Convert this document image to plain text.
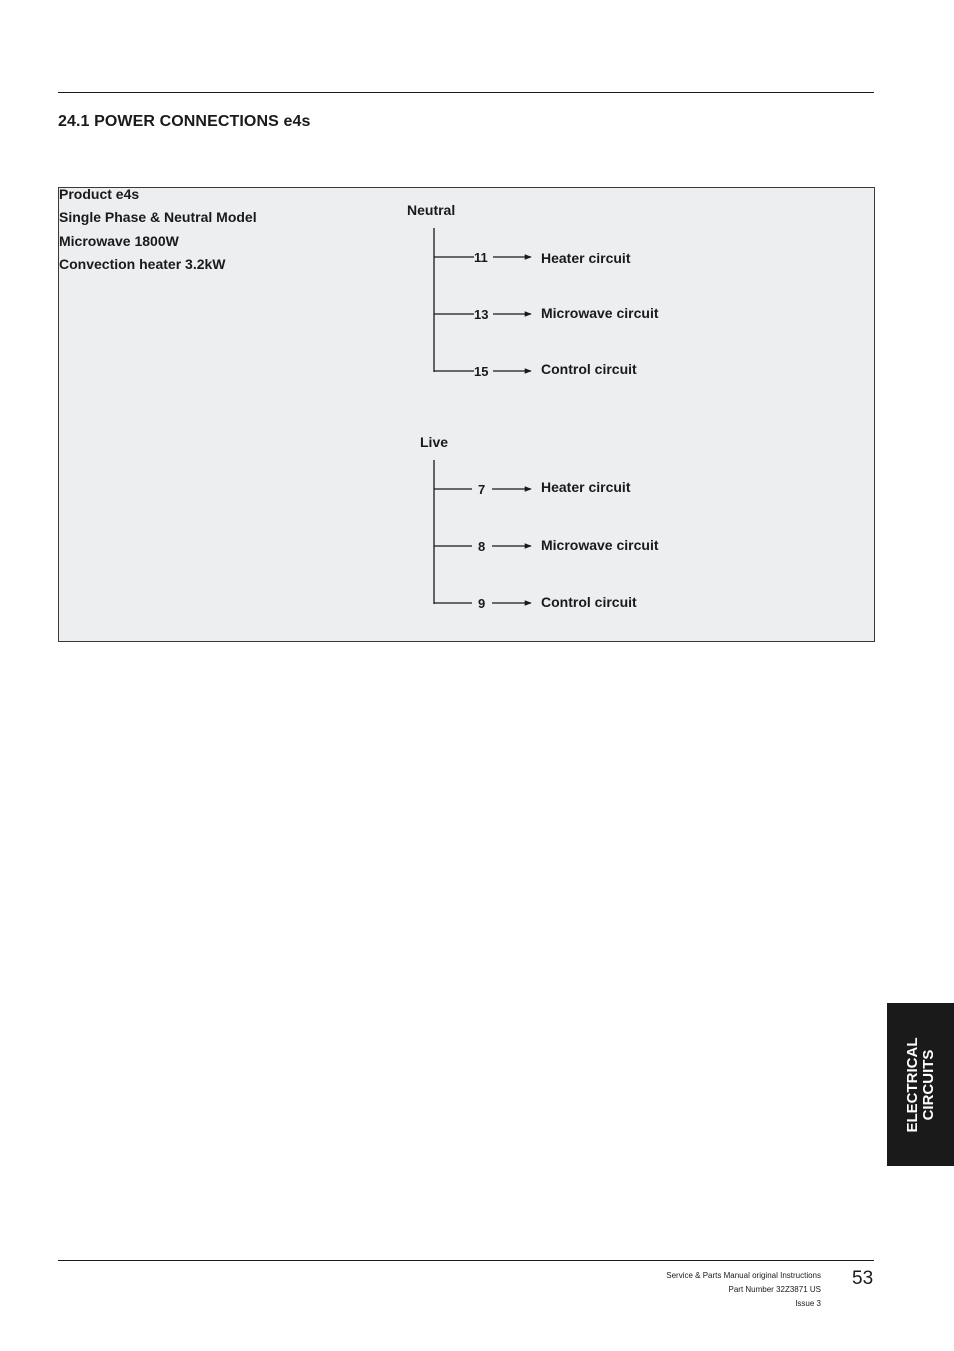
24.1 POWER CONNECTIONS e4s
Product e4s
Single Phase & Neutral Model
Microwave 1800W
Convection heater 3.2kW
Neutral
11	Heater circuit
13	Microwave circuit
15	Control circuit
Live
7	Heater circuit
8	Microwave circuit
9	Control circuit
ELECTRICAL CIRCUITS
Service & Parts Manual original Instructions
Part Number 32Z3871 US
Issue 3
53
